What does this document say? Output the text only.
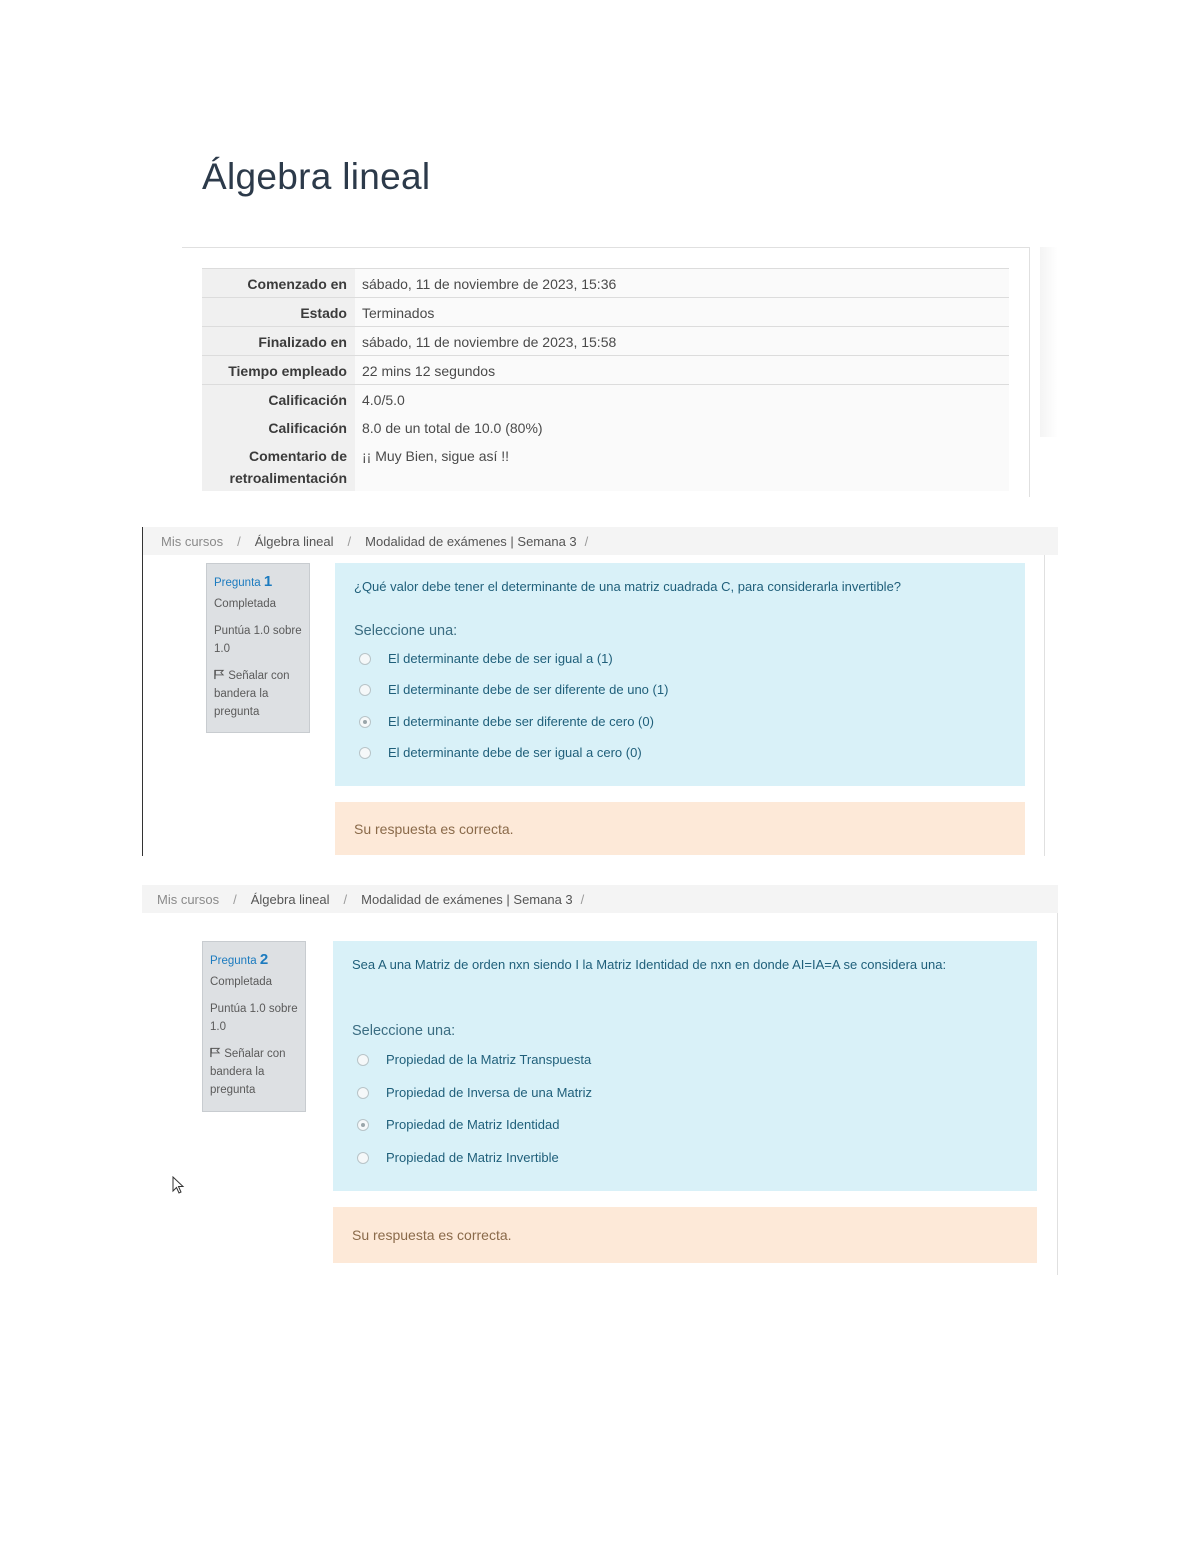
Álgebra lineal
Comenzado en	sábado, 11 de noviembre de 2023, 15:36
Estado	Terminados
Finalizado en	sábado, 11 de noviembre de 2023, 15:58
Tiempo empleado	22 mins 12 segundos
Calificación	4.0/5.0
Calificación	8.0 de un total de 10.0 (80%)
Comentario de retroalimentación	¡¡ Muy Bien, sigue así !!
Mis cursos / Álgebra lineal / Modalidad de exámenes | Semana 3 /
Pregunta 1
Completada
Puntúa 1.0 sobre 1.0
Señalar con bandera la pregunta
¿Qué valor debe tener el determinante de una matriz cuadrada C, para considerarla invertible?
Seleccione una:
El determinante debe de ser igual a (1)
El determinante debe de ser diferente de uno (1)
El determinante debe ser diferente de cero (0)
El determinante debe de ser igual a cero (0)
Su respuesta es correcta.
Mis cursos / Álgebra lineal / Modalidad de exámenes | Semana 3 /
Pregunta 2
Completada
Puntúa 1.0 sobre 1.0
Señalar con bandera la pregunta
Sea A una Matriz de orden nxn siendo I la Matriz Identidad de nxn en donde AI=IA=A se considera una:
Seleccione una:
Propiedad de la Matriz Transpuesta
Propiedad de Inversa de una Matriz
Propiedad de Matriz Identidad
Propiedad de Matriz Invertible
Su respuesta es correcta.
